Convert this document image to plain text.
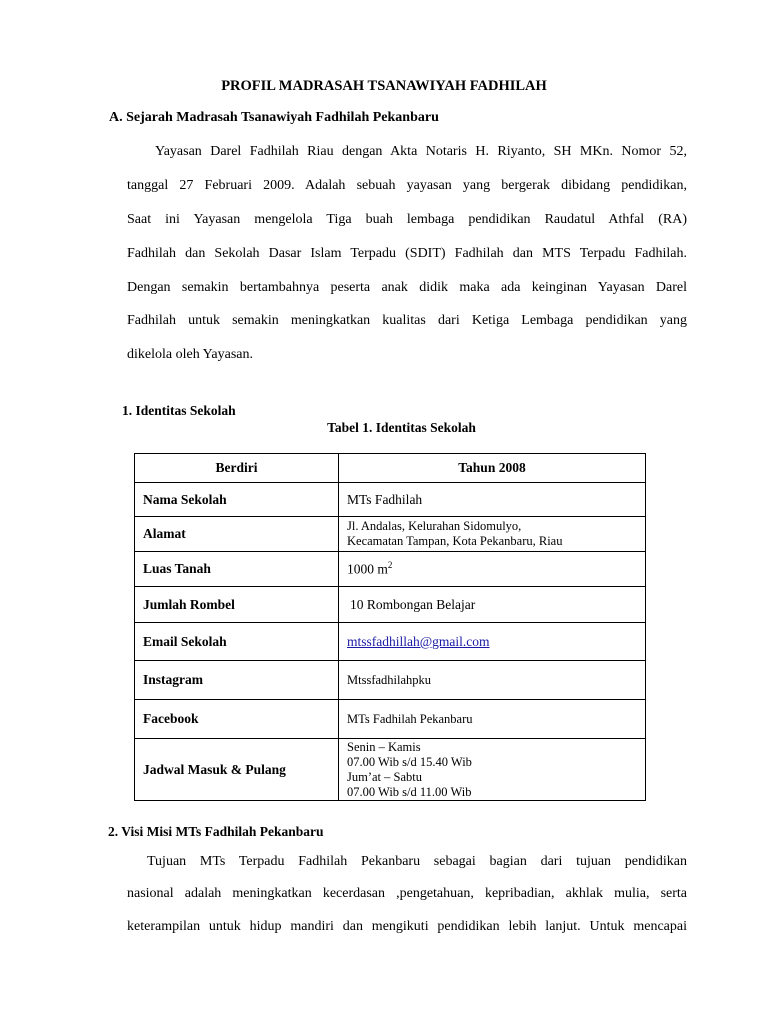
PROFIL MADRASAH TSANAWIYAH FADHILAH
A. Sejarah Madrasah Tsanawiyah Fadhilah Pekanbaru
Yayasan Darel Fadhilah Riau dengan Akta Notaris H. Riyanto, SH MKn. Nomor 52,
tanggal 27 Februari 2009. Adalah sebuah yayasan yang bergerak dibidang pendidikan,
Saat ini Yayasan mengelola Tiga buah lembaga pendidikan Raudatul Athfal (RA)
Fadhilah dan Sekolah Dasar Islam Terpadu (SDIT) Fadhilah dan MTS Terpadu Fadhilah.
Dengan semakin bertambahnya peserta anak didik maka ada keinginan Yayasan Darel
Fadhilah untuk semakin meningkatkan kualitas dari Ketiga Lembaga pendidikan yang
dikelola oleh Yayasan.
1. Identitas Sekolah
Tabel 1. Identitas Sekolah
Berdiri	Tahun 2008
Nama Sekolah	MTs Fadhilah
Alamat	Jl. Andalas, Kelurahan Sidomulyo,
Kecamatan Tampan, Kota Pekanbaru, Riau

Luas Tanah	1000 $m^2$
Jumlah Rombel	10 Rombongan Belajar
Email Sekolah	mtssfadhillah@gmail.com
Instagram	Mtssfadhilahpku
Facebook	MTs Fadhilah Pekanbaru
Jadwal Masuk & Pulang	Senin – Kamis
07.00 Wib s/d 15.40 Wib
Jum’at – Sabtu
07.00 Wib s/d 11.00 Wib
2. Visi Misi MTs Fadhilah Pekanbaru
Tujuan MTs Terpadu Fadhilah Pekanbaru sebagai bagian dari tujuan pendidikan
nasional adalah meningkatkan kecerdasan ,pengetahuan, kepribadian, akhlak mulia, serta
keterampilan untuk hidup mandiri dan mengikuti pendidikan lebih lanjut. Untuk mencapai
